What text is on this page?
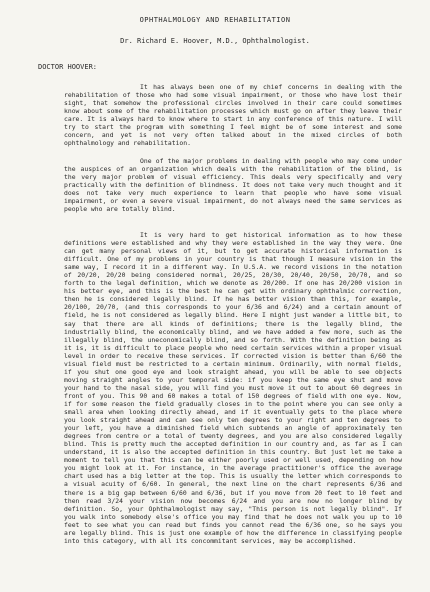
OPHTHALMOLOGY AND REHABILITATION
Dr. Richard E. Hoover, M.D., Ophthalmologist.
DOCTOR HOOVER:

It has always been one of my chief concerns in dealing with the rehabilitation of those who had some visual impairment, or those who have lost their sight, that somehow the professional circles involved in their care could sometimes know about some of the rehabilitation processes which must go on after they leave their care. It is always hard to know where to start in any conference of this nature. I will try to start the program with something I feel might be of some interest and some concern, and yet is not very often talked about in the mixed circles of both ophthalmology and rehabilitation.

One of the major problems in dealing with people who may come under the auspices of an organization which deals with the rehabilitation of the blind, is the very major problem of visual efficiency. This deals very specifically and very practically with the definition of blindness. It does not take very much thought and it does not take very much experience to learn that people who have some visual impairment, or even a severe visual impairment, do not always need the same services as people who are totally blind.

It is very hard to get historical information as to how these definitions were established and why they were established in the way they were. One can get many personal views of it, but to get accurate historical information is difficult. One of my problems in your country is that though I measure vision in the same way, I record it in a different way. In U.S.A. we record visions in the notation of 20/20, 20/20 being considered normal, 20/25, 20/30, 20/40, 20/50, 20/70, and so forth to the legal definition, which we denote as 20/200. If one has 20/200 vision in his better eye, and this is the best he can get with ordinary ophthalmic correction, then he is considered legally blind. If he has better vision than this, for example, 20/100, 20/70, (and this corresponds to your 6/36 and 6/24) and a certain amount of field, he is not considered as legally blind. Here I might just wander a little bit, to say that there are all kinds of definitions; there is the legally blind, the industrially blind, the economically blind, and we have added a few more, such as the illegally blind, the uneconomically blind, and so forth. With the definition being as it is, it is difficult to place people who need certain services within a proper visual level in order to receive these services. If corrected vision is better than 6/60 the visual field must be restricted to a certain minimum. Ordinarily, with normal fields, if you shut one good eye and look straight ahead, you will be able to see objects moving straight angles to your temporal side: if you keep the same eye shut and move your hand to the nasal side, you will find you must move it out to about 60 degrees in front of you. This 90 and 60 makes a total of 150 degrees of field with one eye. Now, if for some reason the field gradually closes in to the point where you can see only a small area when looking directly ahead, and if it eventually gets to the place where you look straight ahead and can see only ten degrees to your right and ten degrees to your left, you have a diminished field which subtends an angle of approximately ten degrees from centre or a total of twenty degrees, and you are also considered legally blind. This is pretty much the accepted definition in our country and, as far as I can understand, it is also the accepted definition in this country. But just let me take a moment to tell you that this can be either poorly used or well used, depending on how you might look at it. For instance, in the average practitioner's office the average chart used has a big letter at the top. This is usually the letter which corresponds to a visual acuity of 6/60. In general, the next line on the chart represents 6/36 and there is a big gap between 6/60 and 6/36, but if you move from 20 feet to 10 feet and then read 3/24 your vision now becomes 6/24 and you are now no longer blind by definition. So, your Ophthalmologist may say, "This person is not legally blind". If you walk into somebody else's office you may find that he does not walk you up to 10 feet to see what you can read but finds you cannot read the 6/36 one, so he says you are legally blind. This is just one example of how the difference in classifying people into this category, with all its concommitant services, may be accomplished.
